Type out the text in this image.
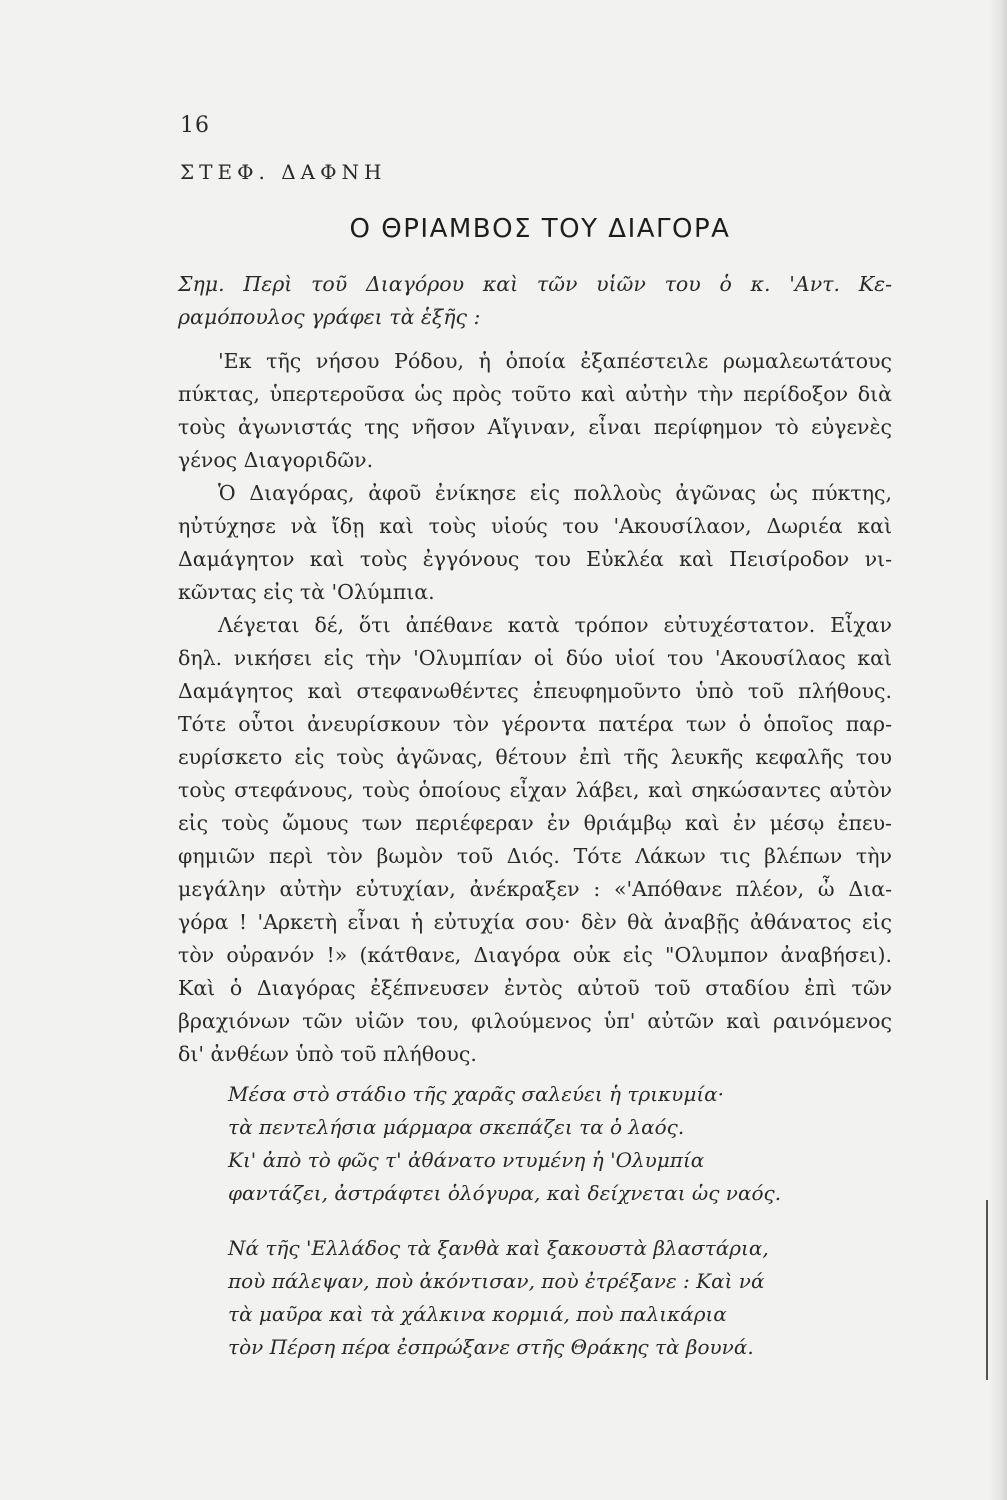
16
ΣΤΕΦ. ΔΑΦΝΗ
Ο ΘΡΙΑΜΒΟΣ ΤΟΥ ΔΙΑΓΟΡΑ
Σημ. Περὶ τοῦ Διαγόρου καὶ τῶν υἱῶν του ὁ κ. 'Αντ. Κε-
ραμόπουλος γράφει τὰ ἑξῆς :
'Εκ τῆς νήσου Ρόδου, ἡ ὁποία ἐξαπέστειλε ρωμαλεωτάτους
πύκτας, ὑπερτεροῦσα ὡς πρὸς τοῦτο καὶ αὐτὴν τὴν περίδοξον διὰ
τοὺς ἀγωνιστάς της νῆσον Αἴγιναν, εἶναι περίφημον τὸ εὐγενὲς
γένος Διαγοριδῶν.
Ὁ Διαγόρας, ἀφοῦ ἐνίκησε εἰς πολλοὺς ἀγῶνας ὡς πύκτης,
ηὐτύχησε νὰ ἴδῃ καὶ τοὺς υἱούς του 'Ακουσίλαον, Δωριέα καὶ
Δαμάγητον καὶ τοὺς ἐγγόνους του Εὐκλέα καὶ Πεισίροδον νι-
κῶντας εἰς τὰ 'Ολύμπια.
Λέγεται δέ, ὅτι ἀπέθανε κατὰ τρόπον εὐτυχέστατον. Εἶχαν
δηλ. νικήσει εἰς τὴν 'Ολυμπίαν οἱ δύο υἱοί του 'Ακουσίλαος καὶ
Δαμάγητος καὶ στεφανωθέντες ἐπευφημοῦντο ὑπὸ τοῦ πλήθους.
Τότε οὗτοι ἀνευρίσκουν τὸν γέροντα πατέρα των ὁ ὁποῖος παρ-
ευρίσκετο εἰς τοὺς ἀγῶνας, θέτουν ἐπὶ τῆς λευκῆς κεφαλῆς του
τοὺς στεφάνους, τοὺς ὁποίους εἶχαν λάβει, καὶ σηκώσαντες αὐτὸν
εἰς τοὺς ὤμους των περιέφεραν ἐν θριάμβῳ καὶ ἐν μέσῳ ἐπευ-
φημιῶν περὶ τὸν βωμὸν τοῦ Διός. Τότε Λάκων τις βλέπων τὴν
μεγάλην αὐτὴν εὐτυχίαν, ἀνέκραξεν : «'Απόθανε πλέον, ὦ Δια-
γόρα ! 'Αρκετὴ εἶναι ἡ εὐτυχία σου· δὲν θὰ ἀναβῇς ἀθάνατος εἰς
τὸν οὐρανόν !» (κάτθανε, Διαγόρα οὐκ εἰς "Ολυμπον ἀναβήσει).
Καὶ ὁ Διαγόρας ἐξέπνευσεν ἐντὸς αὐτοῦ τοῦ σταδίου ἐπὶ τῶν
βραχιόνων τῶν υἱῶν του, φιλούμενος ὑπ' αὐτῶν καὶ ραινόμενος
δι' ἀνθέων ὑπὸ τοῦ πλήθους.
Μέσα στὸ στάδιο τῆς χαρᾶς σαλεύει ἡ τρικυμία·
τὰ πεντελήσια μάρμαρα σκεπάζει τα ὁ λαός.
Κι' ἀπὸ τὸ φῶς τ' ἀθάνατο ντυμένη ἡ 'Ολυμπία
φαντάζει, ἀστράφτει ὁλόγυρα, καὶ δείχνεται ὡς ναός.
Νά τῆς 'Ελλάδος τὰ ξανθὰ καὶ ξακουστὰ βλαστάρια,
ποὺ πάλεψαν, ποὺ ἀκόντισαν, ποὺ ἐτρέξανε : Καὶ νά
τὰ μαῦρα καὶ τὰ χάλκινα κορμιά, ποὺ παλικάρια
τὸν Πέρση πέρα ἐσπρώξανε στῆς Θράκης τὰ βουνά.
